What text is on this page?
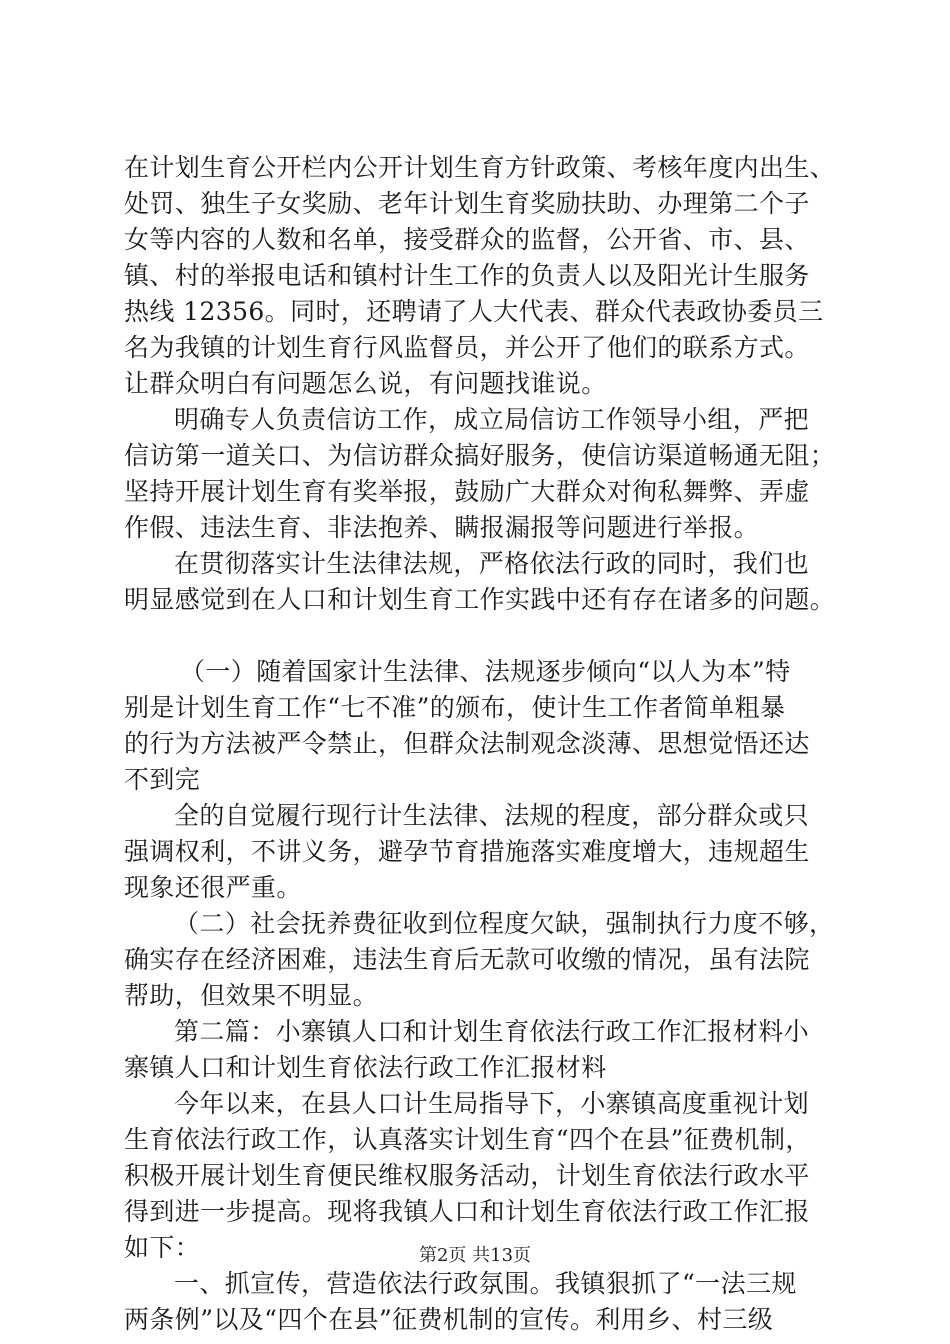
在计划生育公开栏内公开计划生育方针政策、考核年度内出生、
处罚、独生子女奖励、老年计划生育奖励扶助、办理第二个子
女等内容的人数和名单，接受群众的监督，公开省、市、县、
镇、村的举报电话和镇村计生工作的负责人以及阳光计生服务
热线 12356。同时，还聘请了人大代表、群众代表政协委员三
名为我镇的计划生育行风监督员，并公开了他们的联系方式。
让群众明白有问题怎么说，有问题找谁说。
明确专人负责信访工作，成立局信访工作领导小组，严把
信访第一道关口、为信访群众搞好服务，使信访渠道畅通无阻；
坚持开展计划生育有奖举报，鼓励广大群众对徇私舞弊、弄虚
作假、违法生育、非法抱养、瞒报漏报等问题进行举报。
在贯彻落实计生法律法规，严格依法行政的同时，我们也
明显感觉到在人口和计划生育工作实践中还有存在诸多的问题。
（一）随着国家计生法律、法规逐步倾向“以人为本”特
别是计划生育工作“七不准”的颁布，使计生工作者简单粗暴
的行为方法被严令禁止，但群众法制观念淡薄、思想觉悟还达
不到完
全的自觉履行现行计生法律、法规的程度，部分群众或只
强调权利，不讲义务，避孕节育措施落实难度增大，违规超生
现象还很严重。
（二）社会抚养费征收到位程度欠缺，强制执行力度不够，
确实存在经济困难，违法生育后无款可收缴的情况，虽有法院
帮助，但效果不明显。
第二篇：小寨镇人口和计划生育依法行政工作汇报材料小
寨镇人口和计划生育依法行政工作汇报材料
今年以来，在县人口计生局指导下，小寨镇高度重视计划
生育依法行政工作，认真落实计划生育“四个在县”征费机制，
积极开展计划生育便民维权服务活动，计划生育依法行政水平
得到进一步提高。现将我镇人口和计划生育依法行政工作汇报
如下：
一、抓宣传，营造依法行政氛围。我镇狠抓了“一法三规
两条例”以及“四个在县”征费机制的宣传。利用乡、村三级
第2页 共13页
